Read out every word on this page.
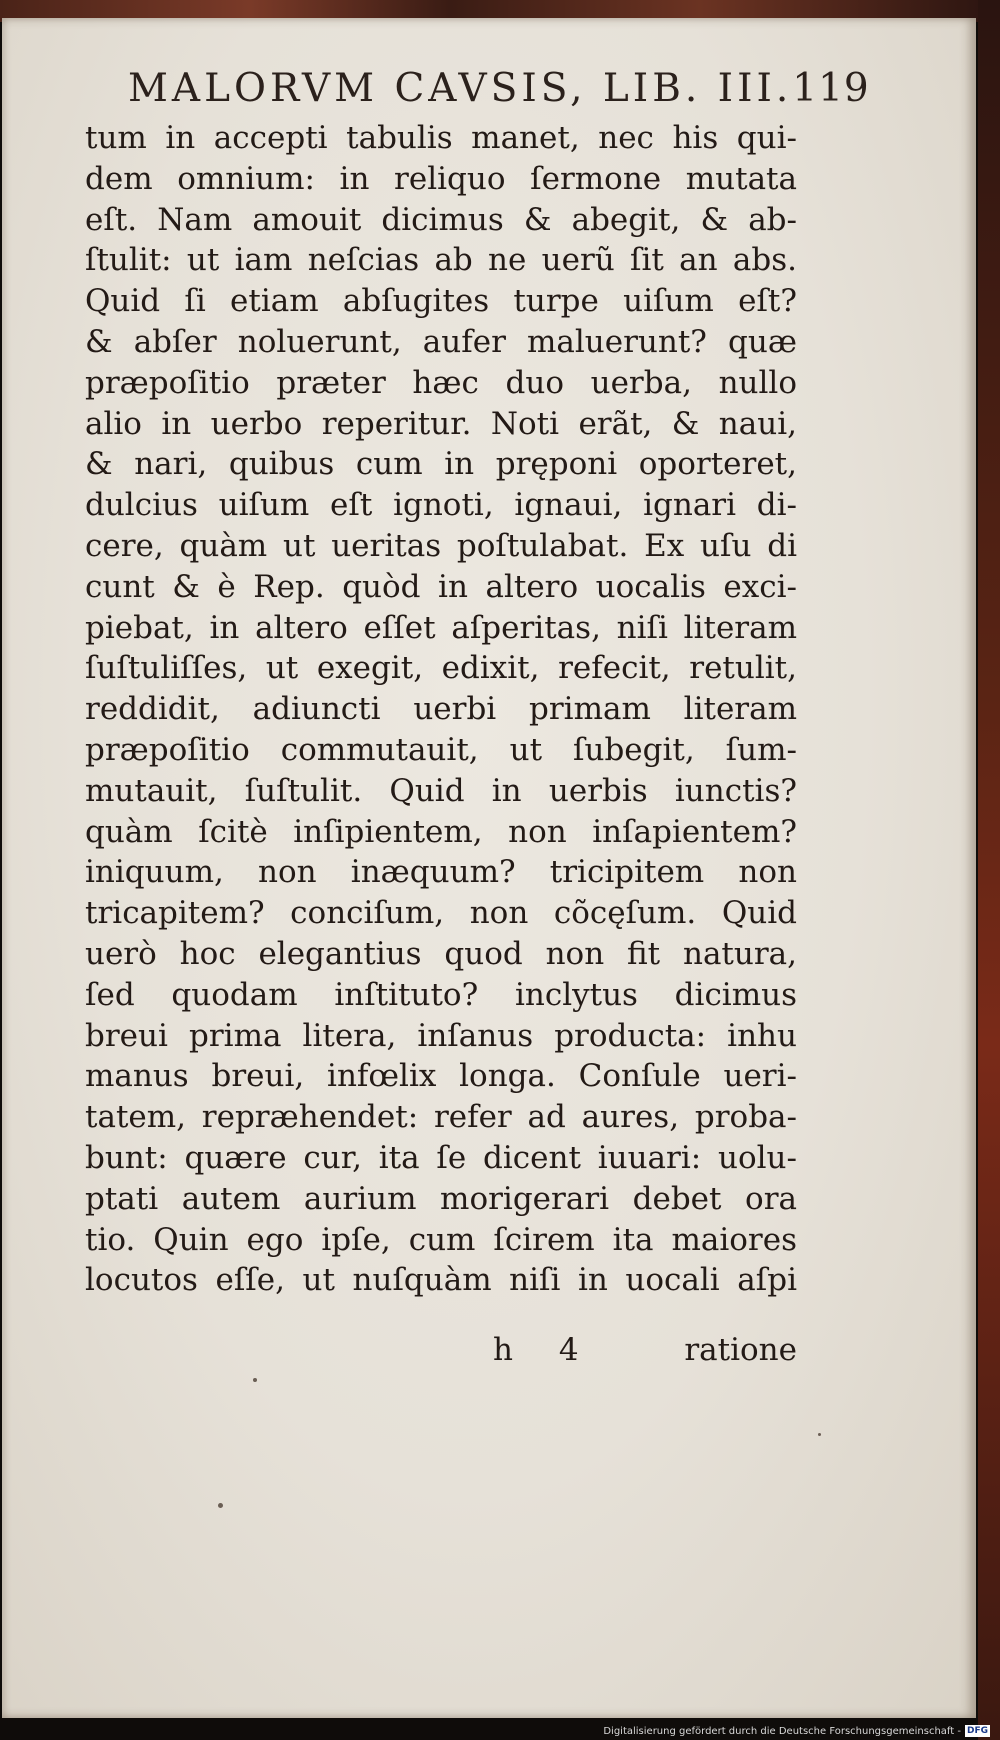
MALORVM CAVSIS, LIB. III. 119
tum in accepti tabulis manet, nec his qui-
dem omnium: in reliquo ſermone mutata
eſt. Nam amouit dicimus & abegit, & ab-
ſtulit: ut iam neſcias ab ne uerũ ſit an abs.
Quid ſi etiam abſugites turpe uiſum eſt?
& abſer noluerunt, aufer maluerunt? quæ
præpoſitio præter hæc duo uerba, nullo
alio in uerbo reperitur. Noti erãt, & naui,
& nari, quibus cum in pręponi oporteret,
dulcius uiſum eſt ignoti, ignaui, ignari di-
cere, quàm ut ueritas poſtulabat. Ex uſu di
cunt & è Rep. quòd in altero uocalis exci-
piebat, in altero eſſet aſperitas, niſi literam
ſuſtuliſſes, ut exegit, edixit, refecit, retulit,
reddidit, adiuncti uerbi primam literam
præpoſitio commutauit, ut ſubegit, ſum-
mutauit, ſuſtulit. Quid in uerbis iunctis?
quàm ſcitè inſipientem, non inſapientem?
iniquum, non inæquum? tricipitem non
tricapitem? conciſum, non cõcęſum. Quid
uerò hoc elegantius quod non fit natura,
ſed quodam inſtituto? inclytus dicimus
breui prima litera, inſanus producta: inhu
manus breui, infœlix longa. Conſule ueri-
tatem, repræhendet: refer ad aures, proba-
bunt: quære cur, ita ſe dicent iuuari: uolu-
ptati autem aurium morigerari debet ora
tio. Quin ego ipſe, cum ſcirem ita maiores
locutos eſſe, ut nuſquàm niſi in uocali aſpi
h 4	ratione
Digitalisierung gefördert durch die Deutsche Forschungsgemeinschaft - DFG
